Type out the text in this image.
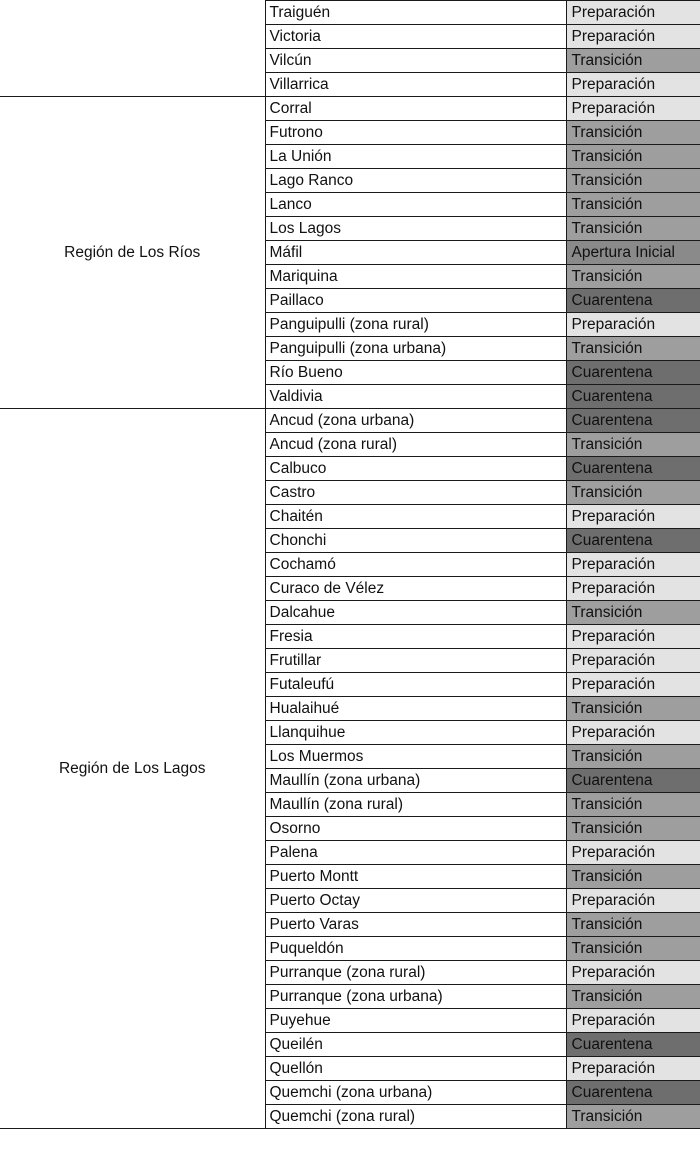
	Traiguén	Preparación
	Victoria	Preparación
	Vilcún	Transición
	Villarrica	Preparación
Región de Los Ríos	Corral	Preparación
	Futrono	Transición
	La Unión	Transición
	Lago Ranco	Transición
	Lanco	Transición
	Los Lagos	Transición
	Máfil	Apertura Inicial
	Mariquina	Transición
	Paillaco	Cuarentena
	Panguipulli (zona rural)	Preparación
	Panguipulli (zona urbana)	Transición
	Río Bueno	Cuarentena
	Valdivia	Cuarentena
Región de Los Lagos	Ancud (zona urbana)	Cuarentena
	Ancud (zona rural)	Transición
	Calbuco	Cuarentena
	Castro	Transición
	Chaitén	Preparación
	Chonchi	Cuarentena
	Cochamó	Preparación
	Curaco de Vélez	Preparación
	Dalcahue	Transición
	Fresia	Preparación
	Frutillar	Preparación
	Futaleufú	Preparación
	Hualaihué	Transición
	Llanquihue	Preparación
	Los Muermos	Transición
	Maullín (zona urbana)	Cuarentena
	Maullín (zona rural)	Transición
	Osorno	Transición
	Palena	Preparación
	Puerto Montt	Transición
	Puerto Octay	Preparación
	Puerto Varas	Transición
	Puqueldón	Transición
	Purranque (zona rural)	Preparación
	Purranque (zona urbana)	Transición
	Puyehue	Preparación
	Queilén	Cuarentena
	Quellón	Preparación
	Quemchi (zona urbana)	Cuarentena
	Quemchi (zona rural)	Transición
